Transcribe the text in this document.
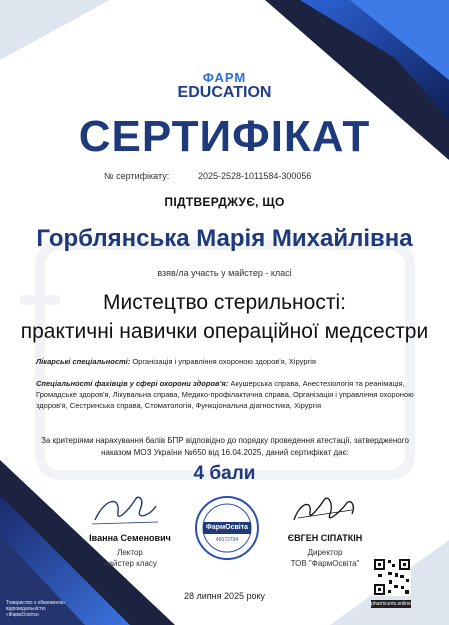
ФАРМ
EDUCATION
СЕРТИФІКАТ
№ сертифікату:	2025-2528-1011584-300056
ПІДТВЕРДЖУЄ, ЩО
Горблянська Марія Михайлівна
взяв/ла участь у майстер - класі
Мистецтво стерильності:
практичні навички операційної медсестри
Лікарські спеціальності: Організація і управління охороною здоров'я, Хірургія
Спеціальності фахівців у сфері охорони здоров'я: Акушерська справа, Анестезіологія та реанімація, Громадське здоров'я, Лікувальна справа, Медико-профілактична справа, Організація і управління охороною здоров'я, Сестринська справа, Стоматологія, Функціональна діагностика, Хірургія
За критеріями нарахування балів БПР відповідно до порядку проведення атестації, затвердженого наказом МОЗ України №650 від 16.04.2025, даний сертифікат дає:
4 бали
Івaнна Семенович
Лектор
майстер класу
ФармОсвіта
45072794	ЄВГЕН СІПАТКІН
Директор
ТОВ "ФармОсвіта"
pharmcerts.online
28 липня 2025 року
Товариство з обмеженою відповідальністю «ФармОсвіта»
